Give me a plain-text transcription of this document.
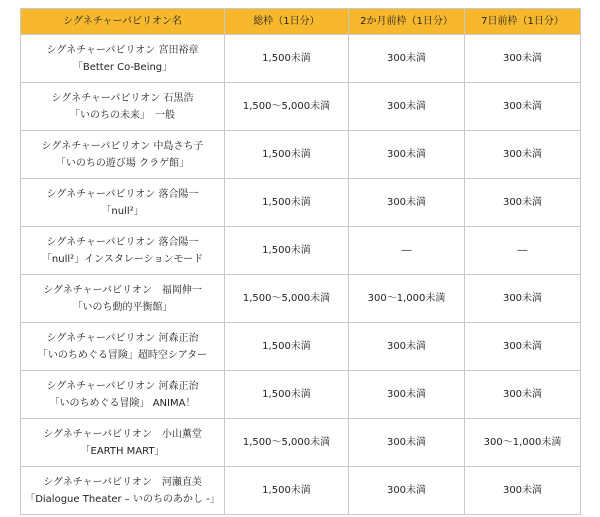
シグネチャーパビリオン名	総枠（1日分）	2か月前枠（1日分）	7日前枠（1日分）

シグネチャーパビリオン 宮田裕章
「Better Co-Being」	1,500未満	300未満	300未満

シグネチャーパビリオン 石黒浩
「いのちの未来」　一般	1,500～5,000未満	300未満	300未満

シグネチャーパビリオン 中島さち子
「いのちの遊び場 クラゲ館」	1,500未満	300未満	300未満

シグネチャーパビリオン 落合陽一
「null²」	1,500未満	300未満	300未満

シグネチャーパビリオン 落合陽一
「null²」インスタレーションモード	1,500未満	―	―

シグネチャーパビリオン　福岡伸一
「いのち動的平衡館」	1,500～5,000未満	300～1,000未満	300未満

シグネチャーパビリオン 河森正治
「いのちめぐる冒険」超時空シアター	1,500未満	300未満	300未満

シグネチャーパビリオン 河森正治
「いのちめぐる冒険」 ANIMA！	1,500未満	300未満	300未満

シグネチャーパビリオン　小山薫堂
「EARTH MART」	1,500～5,000未満	300未満	300～1,000未満

シグネチャーパビリオン　河瀬直美
「Dialogue Theater – いのちのあかし -」	1,500未満	300未満	300未満
